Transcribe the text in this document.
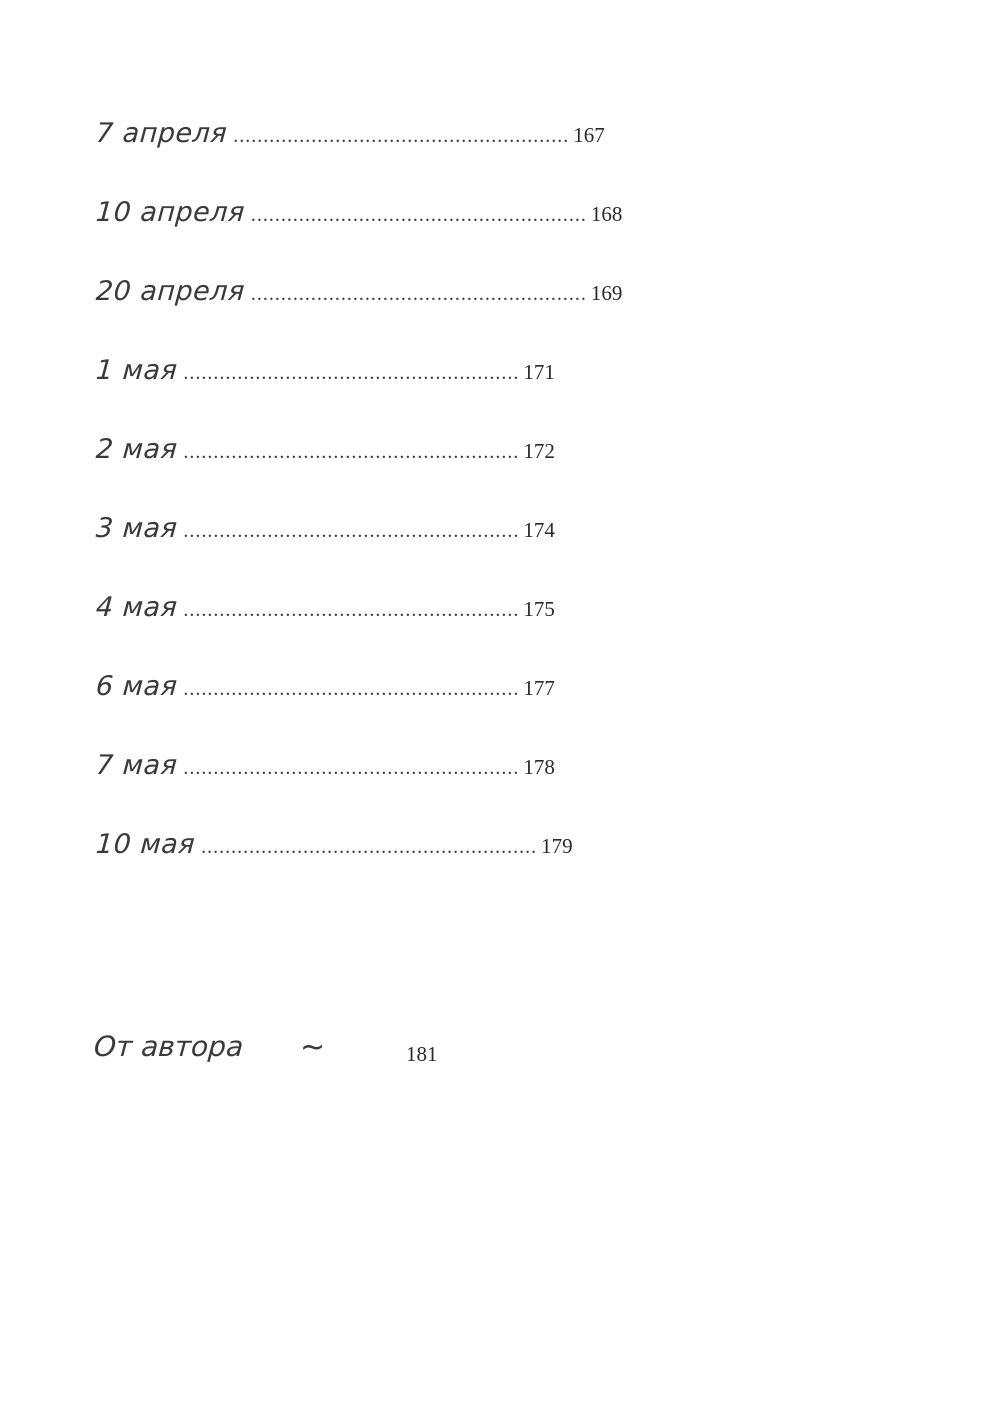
7 апреля ........................................................ 167
10 апреля ........................................................ 168
20 апреля ........................................................ 169
1 мая ........................................................ 171
2 мая ........................................................ 172
3 мая ........................................................ 174
4 мая ........................................................ 175
6 мая ........................................................ 177
7 мая ........................................................ 178
10 мая ........................................................ 179
От автора ~	181
